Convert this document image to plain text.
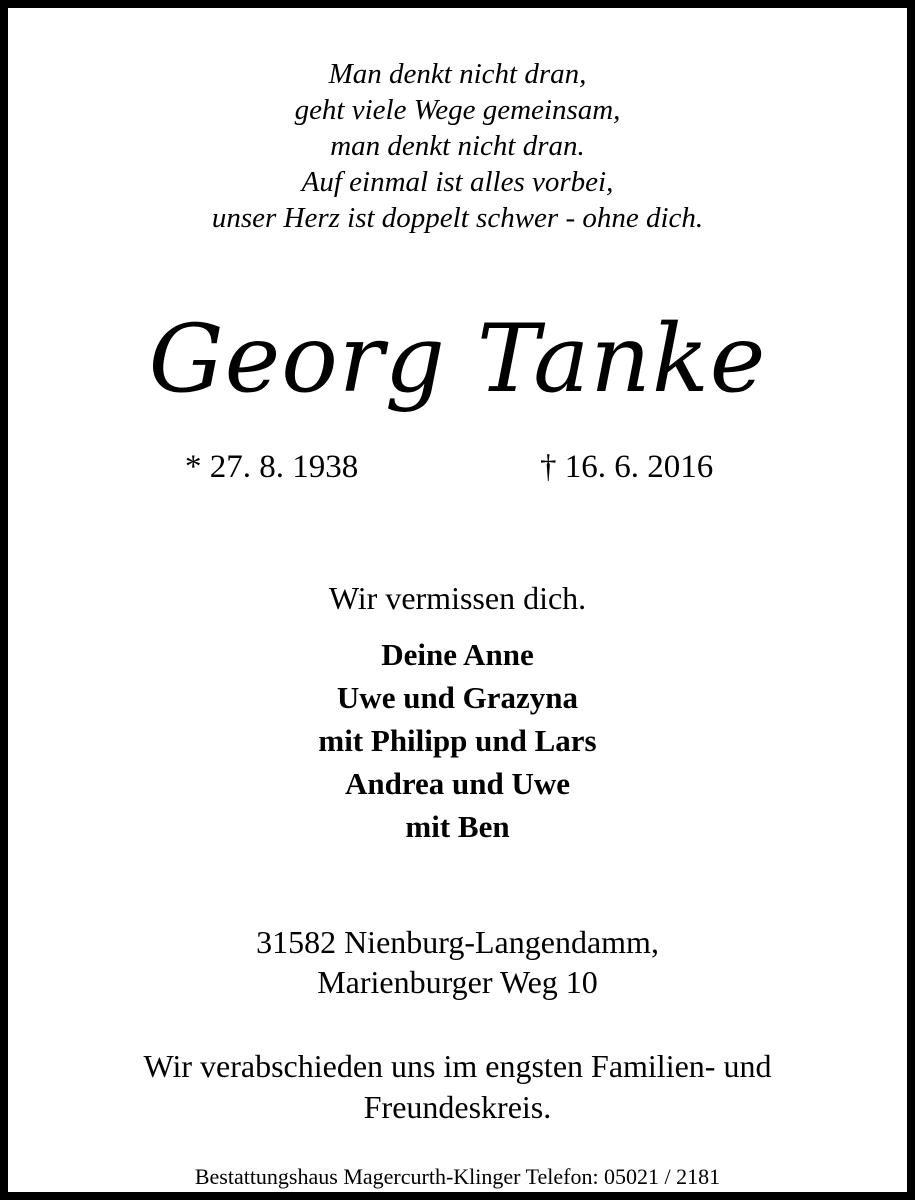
Man denkt nicht dran,
geht viele Wege gemeinsam,
man denkt nicht dran.
Auf einmal ist alles vorbei,
unser Herz ist doppelt schwer - ohne dich.
Georg Tanke
* 27. 8. 1938	† 16. 6. 2016
Wir vermissen dich.
Deine Anne
Uwe und Grazyna
mit Philipp und Lars
Andrea und Uwe
mit Ben
31582 Nienburg-Langendamm,
Marienburger Weg 10
Wir verabschieden uns im engsten Familien- und
Freundeskreis.
Bestattungshaus Magercurth-Klinger Telefon: 05021 / 2181
